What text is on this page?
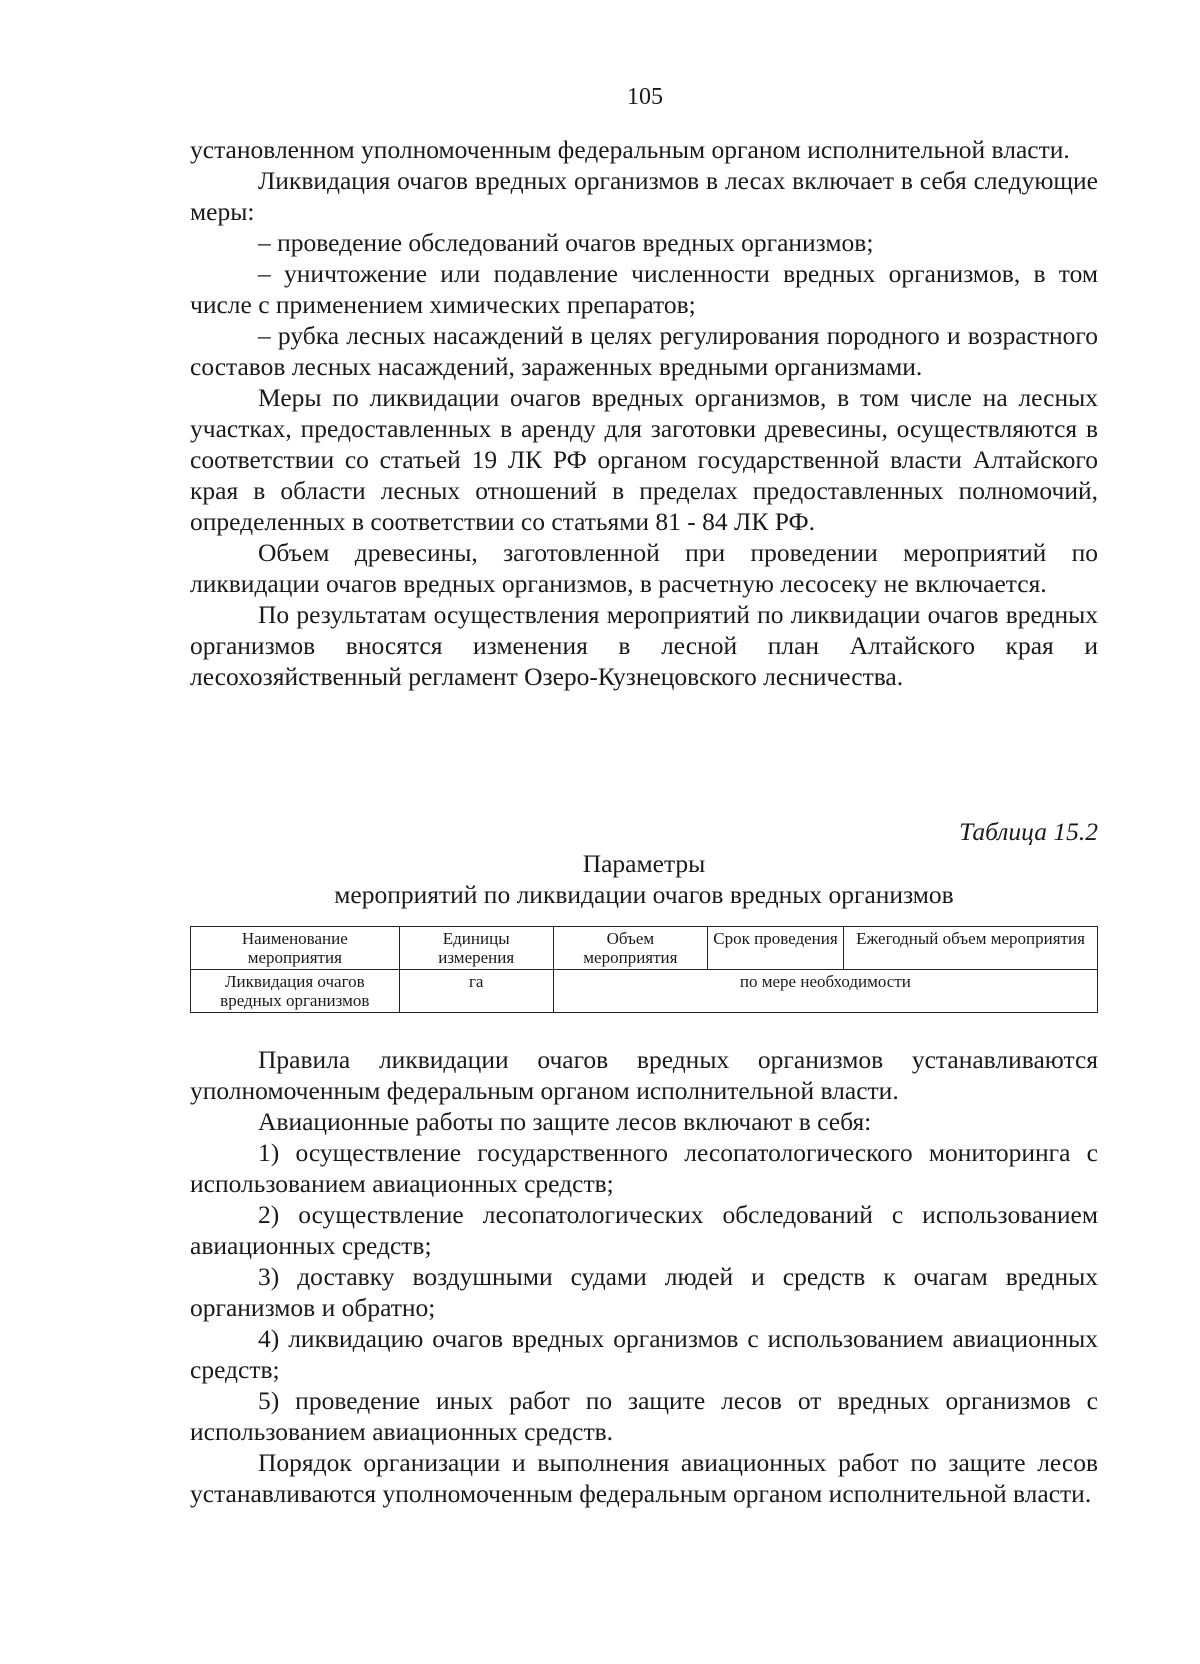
105

установленном уполномоченным федеральным органом исполнительной власти.

Ликвидация очагов вредных организмов в лесах включает в себя следующие меры:

– проведение обследований очагов вредных организмов;

– уничтожение или подавление численности вредных организмов, в том числе с применением химических препаратов;

– рубка лесных насаждений в целях регулирования породного и возрастного составов лесных насаждений, зараженных вредными организмами.

Меры по ликвидации очагов вредных организмов, в том числе на лесных участках, предоставленных в аренду для заготовки древесины, осуществляются в соответствии со статьей 19 ЛК РФ органом государственной власти Алтайского края в области лесных отношений в пределах предоставленных полномочий, определенных в соответствии со статьями 81 - 84 ЛК РФ.

Объем древесины, заготовленной при проведении мероприятий по ликвидации очагов вредных организмов, в расчетную лесосеку не включается.

По результатам осуществления мероприятий по ликвидации очагов вредных организмов вносятся изменения в лесной план Алтайского края и лесохозяйственный регламент Озеро-Кузнецовского лесничества.

Таблица 15.2
Параметры
мероприятий по ликвидации очагов вредных организмов
Наименование мероприятия	Единицы измерения	Объем мероприятия	Срок проведения	Ежегодный объем мероприятия
Ликвидация очагов вредных организмов	га	по мере необходимости		

Правила ликвидации очагов вредных организмов устанавливаются уполномоченным федеральным органом исполнительной власти.

Авиационные работы по защите лесов включают в себя:

1) осуществление государственного лесопатологического мониторинга с использованием авиационных средств;

2) осуществление лесопатологических обследований с использованием авиационных средств;

3) доставку воздушными судами людей и средств к очагам вредных организмов и обратно;

4) ликвидацию очагов вредных организмов с использованием авиационных средств;

5) проведение иных работ по защите лесов от вредных организмов с использованием авиационных средств.

Порядок организации и выполнения авиационных работ по защите лесов устанавливаются уполномоченным федеральным органом исполнительной власти.
